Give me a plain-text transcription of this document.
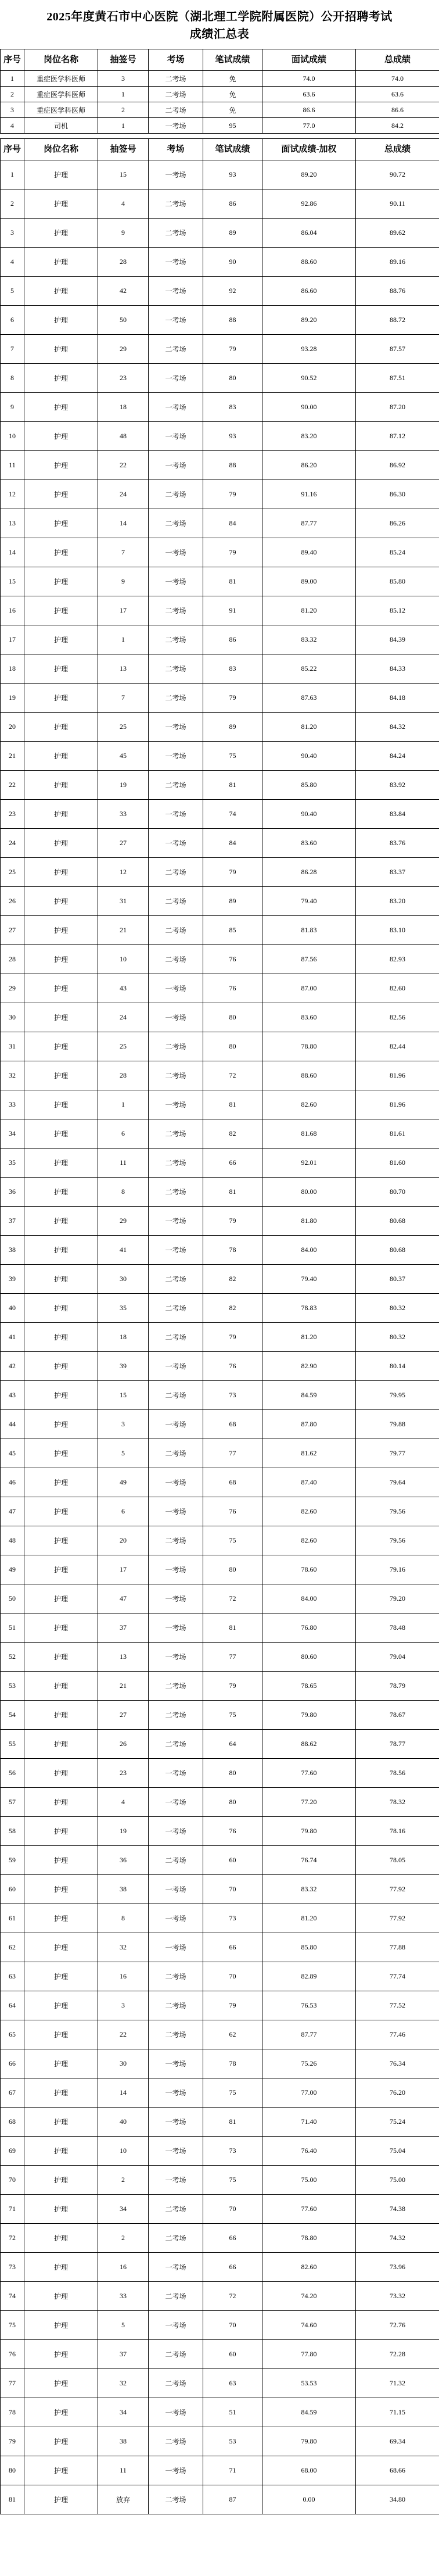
2025年度黄石市中心医院（湖北理工学院附属医院）公开招聘考试
成绩汇总表
序号	岗位名称	抽签号	考场	笔试成绩	面试成绩	总成绩
1	重症医学科医师	3	二考场	免	74.0	74.0
2	重症医学科医师	1	二考场	免	63.6	63.6
3	重症医学科医师	2	二考场	免	86.6	86.6
4	司机	1	一考场	95	77.0	84.2
序号	岗位名称	抽签号	考场	笔试成绩	面试成绩-加权	总成绩
1	护理	15	一考场	93	89.20	90.72
2	护理	4	二考场	86	92.86	90.11
3	护理	9	二考场	89	86.04	89.62
4	护理	28	一考场	90	88.60	89.16
5	护理	42	一考场	92	86.60	88.76
6	护理	50	一考场	88	89.20	88.72
7	护理	29	二考场	79	93.28	87.57
8	护理	23	一考场	80	90.52	87.51
9	护理	18	一考场	83	90.00	87.20
10	护理	48	一考场	93	83.20	87.12
11	护理	22	一考场	88	86.20	86.92
12	护理	24	二考场	79	91.16	86.30
13	护理	14	二考场	84	87.77	86.26
14	护理	7	一考场	79	89.40	85.24
15	护理	9	一考场	81	89.00	85.80
16	护理	17	二考场	91	81.20	85.12
17	护理	1	二考场	86	83.32	84.39
18	护理	13	二考场	83	85.22	84.33
19	护理	7	二考场	79	87.63	84.18
20	护理	25	一考场	89	81.20	84.32
21	护理	45	一考场	75	90.40	84.24
22	护理	19	二考场	81	85.80	83.92
23	护理	33	一考场	74	90.40	83.84
24	护理	27	一考场	84	83.60	83.76
25	护理	12	二考场	79	86.28	83.37
26	护理	31	二考场	89	79.40	83.20
27	护理	21	二考场	85	81.83	83.10
28	护理	10	二考场	76	87.56	82.93
29	护理	43	一考场	76	87.00	82.60
30	护理	24	一考场	80	83.60	82.56
31	护理	25	二考场	80	78.80	82.44
32	护理	28	二考场	72	88.60	81.96
33	护理	1	一考场	81	82.60	81.96
34	护理	6	二考场	82	81.68	81.61
35	护理	11	二考场	66	92.01	81.60
36	护理	8	二考场	81	80.00	80.70
37	护理	29	一考场	79	81.80	80.68
38	护理	41	一考场	78	84.00	80.68
39	护理	30	二考场	82	79.40	80.37
40	护理	35	二考场	82	78.83	80.32
41	护理	18	二考场	79	81.20	80.32
42	护理	39	一考场	76	82.90	80.14
43	护理	15	二考场	73	84.59	79.95
44	护理	3	一考场	68	87.80	79.88
45	护理	5	二考场	77	81.62	79.77
46	护理	49	一考场	68	87.40	79.64
47	护理	6	一考场	76	82.60	79.56
48	护理	20	二考场	75	82.60	79.56
49	护理	17	一考场	80	78.60	79.16
50	护理	47	一考场	72	84.00	79.20
51	护理	37	一考场	81	76.80	78.48
52	护理	13	一考场	77	80.60	79.04
53	护理	21	二考场	79	78.65	78.79
54	护理	27	二考场	75	79.80	78.67
55	护理	26	二考场	64	88.62	78.77
56	护理	23	一考场	80	77.60	78.56
57	护理	4	一考场	80	77.20	78.32
58	护理	19	一考场	76	79.80	78.16
59	护理	36	二考场	60	76.74	78.05
60	护理	38	一考场	70	83.32	77.92
61	护理	8	一考场	73	81.20	77.92
62	护理	32	一考场	66	85.80	77.88
63	护理	16	二考场	70	82.89	77.74
64	护理	3	二考场	79	76.53	77.52
65	护理	22	二考场	62	87.77	77.46
66	护理	30	一考场	78	75.26	76.34
67	护理	14	一考场	75	77.00	76.20
68	护理	40	一考场	81	71.40	75.24
69	护理	10	一考场	73	76.40	75.04
70	护理	2	一考场	75	75.00	75.00
71	护理	34	二考场	70	77.60	74.38
72	护理	2	二考场	66	78.80	74.32
73	护理	16	一考场	66	82.60	73.96
74	护理	33	二考场	72	74.20	73.32
75	护理	5	一考场	70	74.60	72.76
76	护理	37	二考场	60	77.80	72.28
77	护理	32	二考场	63	53.53	71.32
78	护理	34	一考场	51	84.59	71.15
79	护理	38	二考场	53	79.80	69.34
80	护理	11	一考场	71	68.00	68.66
81	护理	放弃	二考场	87	0.00	34.80
